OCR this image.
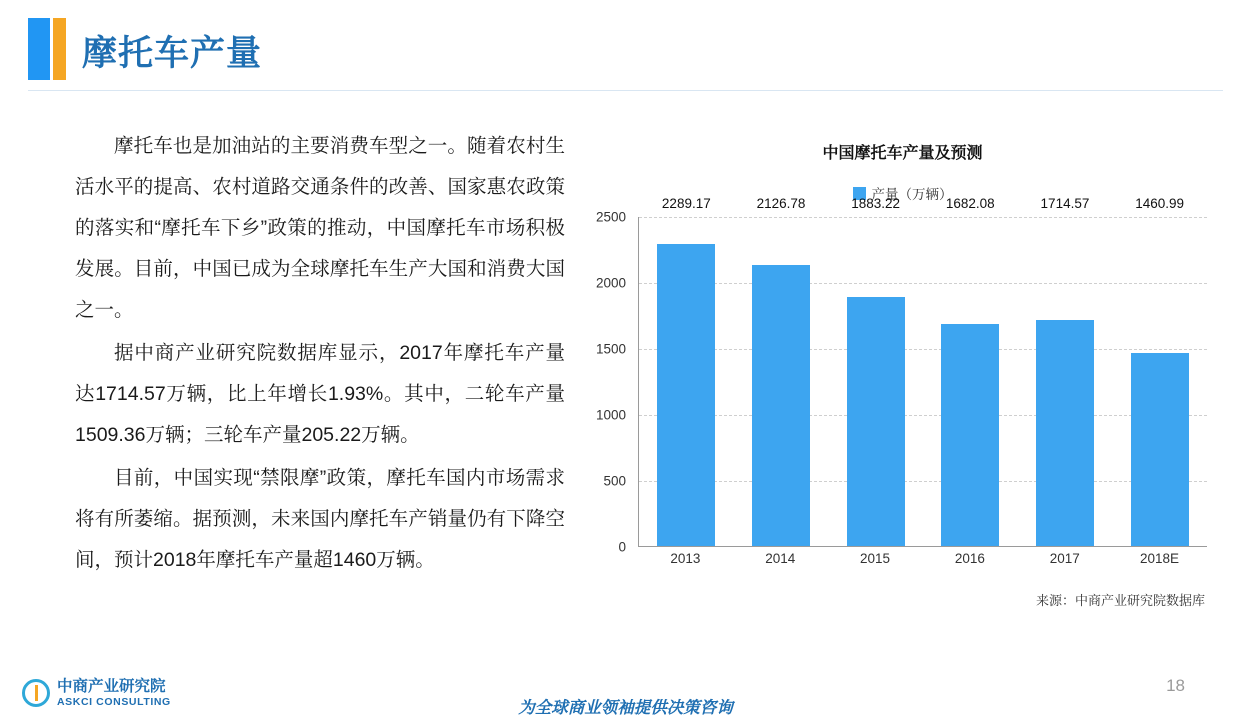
摩托车产量

摩托车也是加油站的主要消费车型之一。随着农村生活水平的提高、农村道路交通条件的改善、国家惠农政策的落实和“摩托车下乡”政策的推动，中国摩托车市场积极发展。目前，中国已成为全球摩托车生产大国和消费大国之一。

据中商产业研究院数据库显示，2017年摩托车产量达1714.57万辆，比上年增长1.93%。其中，二轮车产量1509.36万辆；三轮车产量205.22万辆。

目前，中国实现“禁限摩”政策，摩托车国内市场需求将有所萎缩。据预测，未来国内摩托车产销量仍有下降空间，预计2018年摩托车产量超1460万辆。

中国摩托车产量及预测
产量（万辆）
2500
2000
1500
1000
500
0
2289.17	2126.78	1883.22	1682.08	1714.57	1460.99
2013	2014	2015	2016	2017	2018E
来源：中商产业研究院数据库
中商产业研究院
ASKCI CONSULTING	为全球商业领袖提供决策咨询
18
